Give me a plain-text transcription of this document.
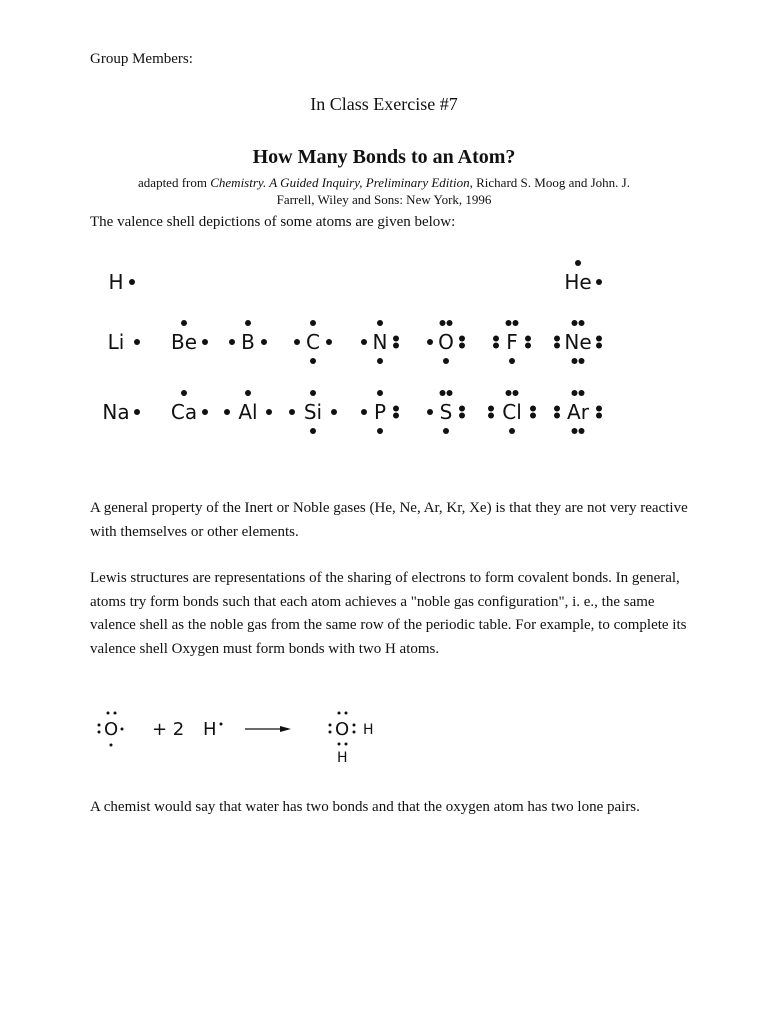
Group Members:
In Class Exercise #7
How Many Bonds to an Atom?
adapted from Chemistry. A Guided Inquiry, Preliminary Edition, Richard S. Moog and John. J.
Farrell, Wiley and Sons: New York, 1996
The valence shell depictions of some atoms are given below:
H	He
Li Be B	C	N	O	F Ne
Na Ca Al Si	P	S Cl Ar
A general property of the Inert or Noble gases (He, Ne, Ar, Kr, Xe) is that they are not very reactive with themselves or other elements.
Lewis structures are representations of the sharing of electrons to form covalent bonds. In general, atoms try form bonds such that each atom achieves a "noble gas configuration", i. e., the same valence shell as the noble gas from the same row of the periodic table. For example, to complete its valence shell Oxygen must form bonds with two H atoms.
O + 2 H	O H
H
A chemist would say that water has two bonds and that the oxygen atom has two lone pairs.
